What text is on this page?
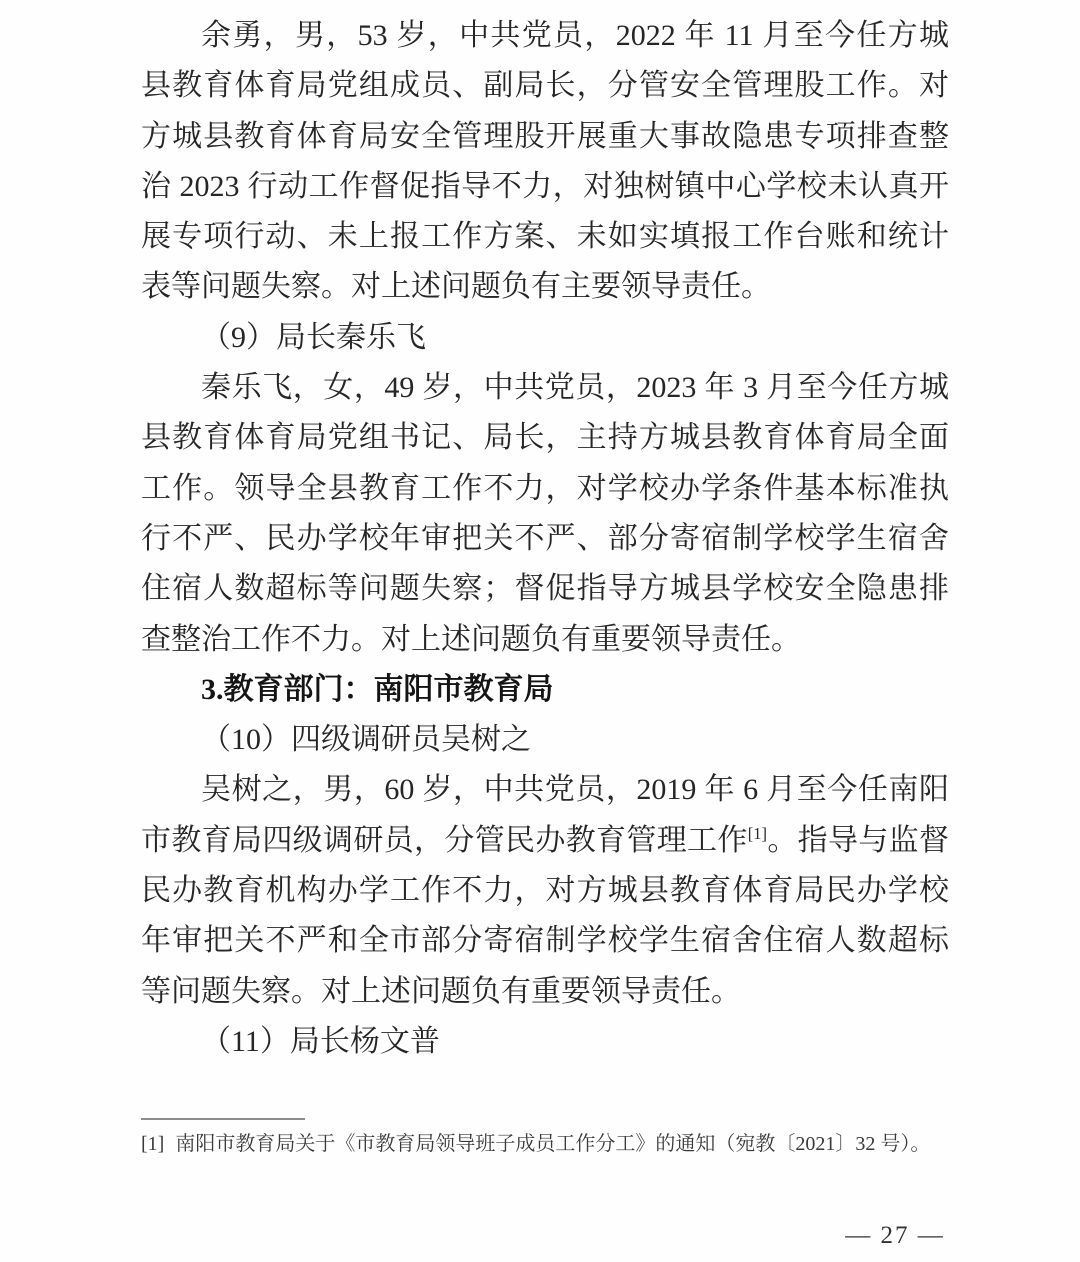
余勇，男，53 岁，中共党员，2022 年 11 月至今任方城县教育体育局党组成员、副局长，分管安全管理股工作。对方城县教育体育局安全管理股开展重大事故隐患专项排查整治 2023 行动工作督促指导不力，对独树镇中心学校未认真开展专项行动、未上报工作方案、未如实填报工作台账和统计表等问题失察。对上述问题负有主要领导责任。

（9）局长秦乐飞

秦乐飞，女，49 岁，中共党员，2023 年 3 月至今任方城县教育体育局党组书记、局长，主持方城县教育体育局全面工作。领导全县教育工作不力，对学校办学条件基本标准执行不严、民办学校年审把关不严、部分寄宿制学校学生宿舍住宿人数超标等问题失察；督促指导方城县学校安全隐患排查整治工作不力。对上述问题负有重要领导责任。

3.教育部门：南阳市教育局

（10）四级调研员吴树之

吴树之，男，60 岁，中共党员，2019 年 6 月至今任南阳市教育局四级调研员，分管民办教育管理工作[1]。指导与监督民办教育机构办学工作不力，对方城县教育体育局民办学校年审把关不严和全市部分寄宿制学校学生宿舍住宿人数超标等问题失察。对上述问题负有重要领导责任。

（11）局长杨文普

[1] 南阳市教育局关于《市教育局领导班子成员工作分工》的通知（宛教〔2021〕32 号）。
— 27 —
